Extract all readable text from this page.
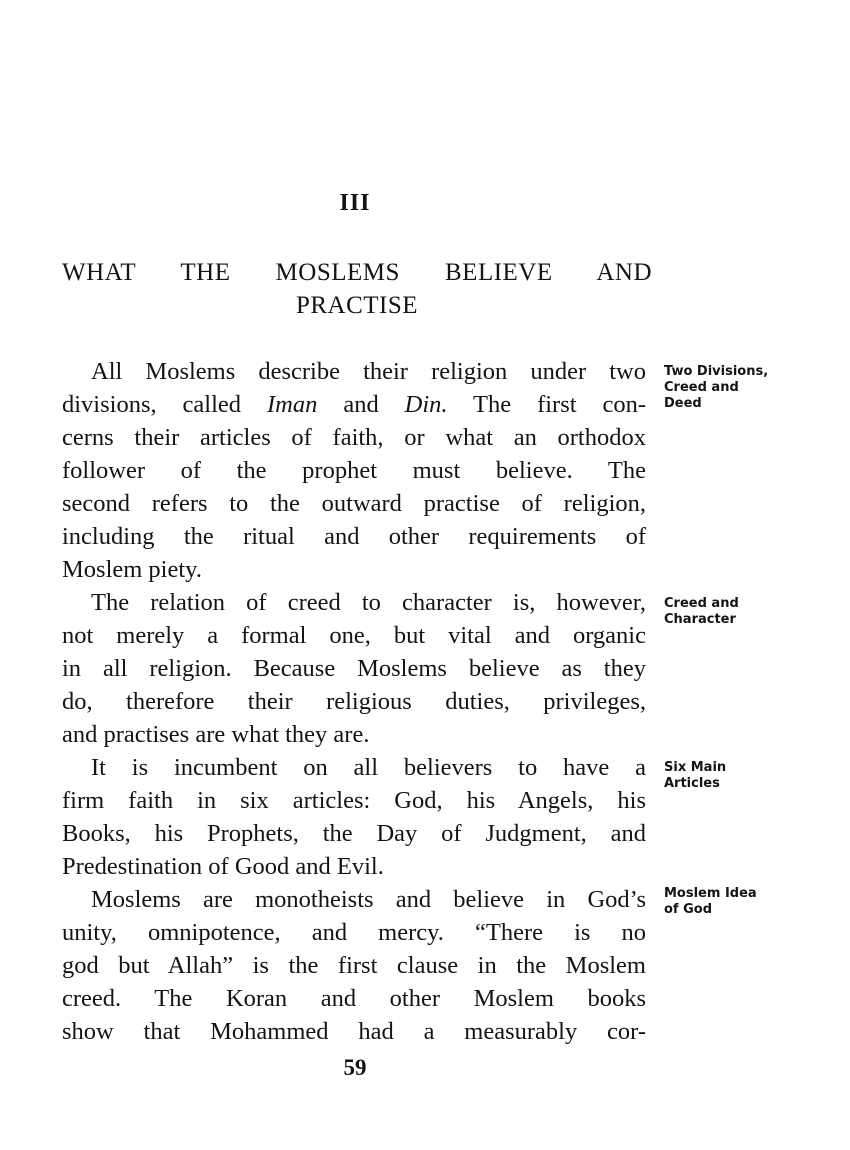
III
WHAT THE MOSLEMS BELIEVE AND
PRACTISE
All Moslems describe their religion under two
divisions, called Iman and Din. The first con-
cerns their articles of faith, or what an orthodox
follower of the prophet must believe. The
second refers to the outward practise of religion,
including the ritual and other requirements of
Moslem piety.
The relation of creed to character is, however,
not merely a formal one, but vital and organic
in all religion. Because Moslems believe as they
do, therefore their religious duties, privileges,
and practises are what they are.
It is incumbent on all believers to have a
firm faith in six articles: God, his Angels, his
Books, his Prophets, the Day of Judgment, and
Predestination of Good and Evil.
Moslems are monotheists and believe in God’s
unity, omnipotence, and mercy. “There is no
god but Allah” is the first clause in the Moslem
creed. The Koran and other Moslem books
show that Mohammed had a measurably cor-
Two Divisions,
Creed and
Deed
Creed and
Character
Six Main
Articles
Moslem Idea
of God
59
